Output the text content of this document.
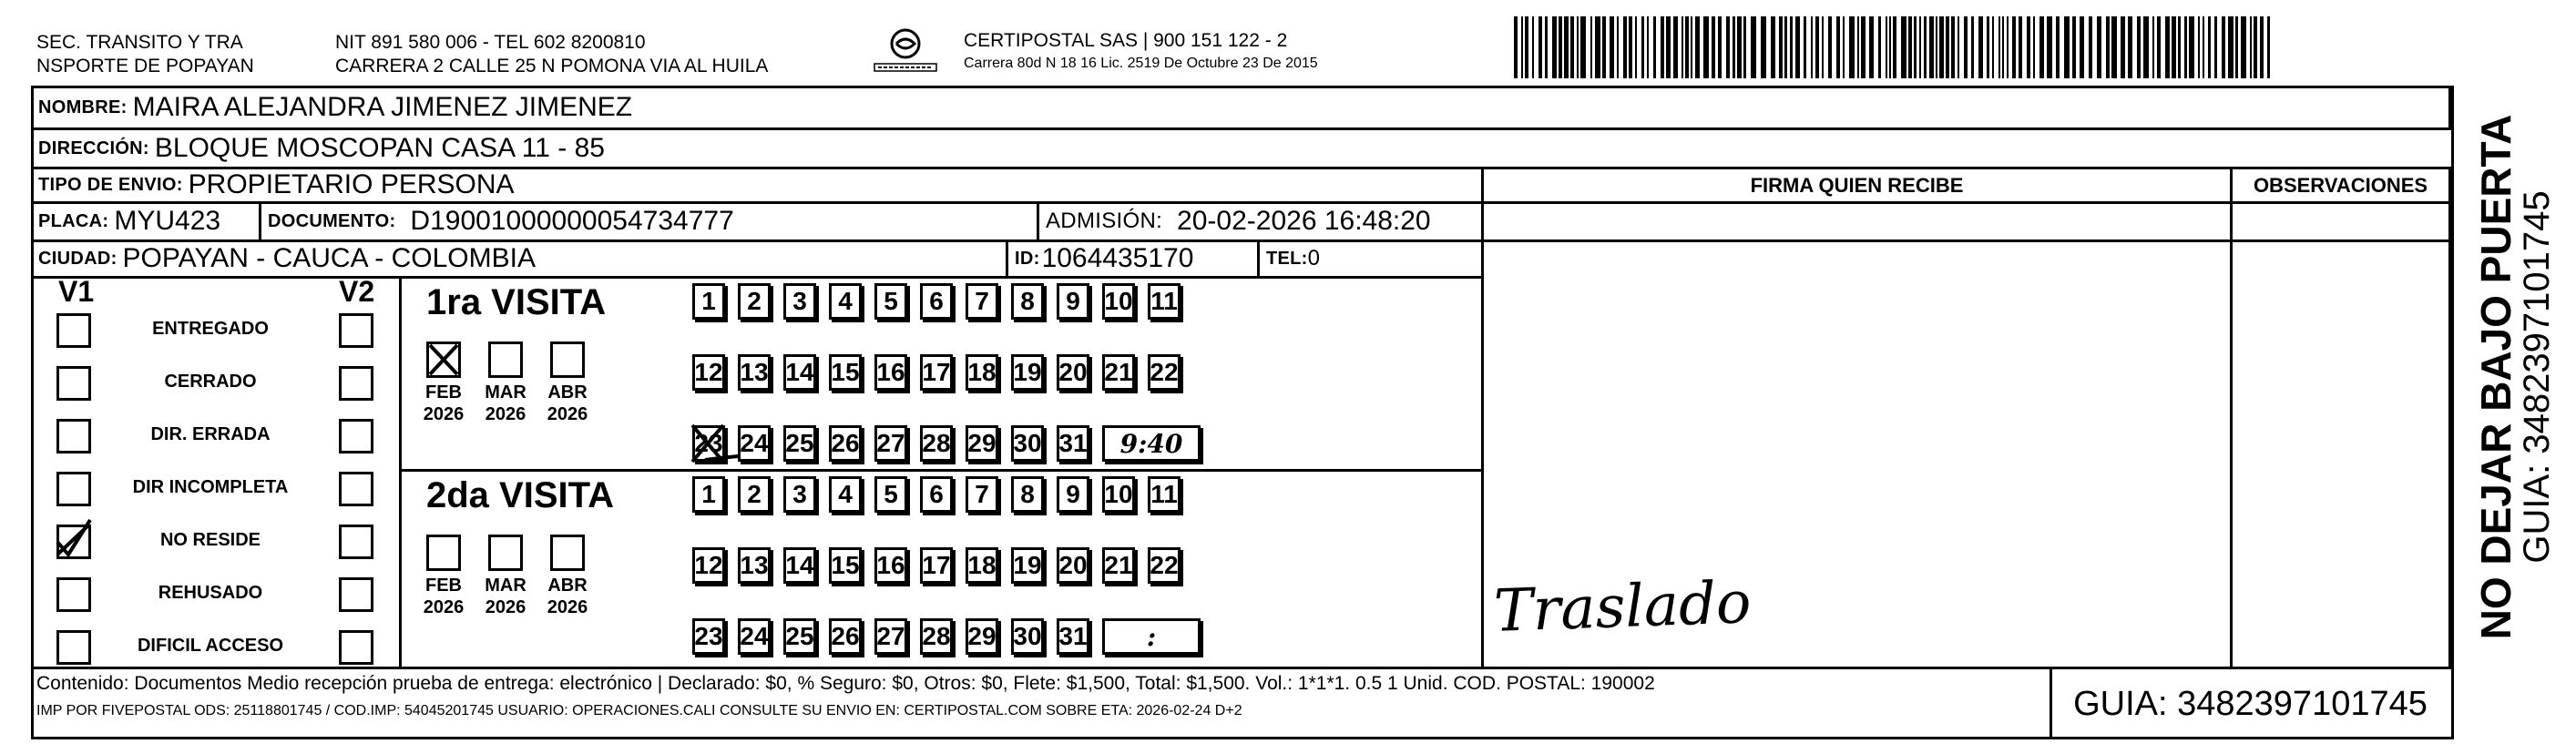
SEC. TRANSITO Y TRA
NSPORTE DE POPAYAN
NIT 891 580 006 - TEL 602 8200810
CARRERA 2 CALLE 25 N POMONA VIA AL HUILA
CERTIPOSTAL SAS | 900 151 122 - 2
Carrera 80d N 18 16 Lic. 2519 De Octubre 23 De 2015
NOMBRE: MAIRA ALEJANDRA JIMENEZ JIMENEZ
DIRECCIÓN: BLOQUE MOSCOPAN CASA 11 - 85
TIPO DE ENVIO: PROPIETARIO PERSONA
PLACA: MYU423	DOCUMENTO: D19001000000054734777	ADMISIÓN: 20-02-2026 16:48:20
CIUDAD: POPAYAN - CAUCA - COLOMBIA	ID: 1064435170	TEL: 0
V1	V2
ENTREGADO
CERRADO
DIR. ERRADA
DIR INCOMPLETA
NO RESIDE
REHUSADO
DIFICIL ACCESO
1ra VISITA
FEB
2026
MAR
2026
ABR
2026
1	2	3	4	5	6	7	8	9 10 11
12 13 14 15 16 17 18 19 20 21 22
23 24 25 26 27 28 29 30 31	9:40
2da VISITA
FEB
2026
MAR
2026
ABR
2026
1	2	3	4	5	6	7	8	9 10 11
12 13 14 15 16 17 18 19 20 21 22
23 24 25 26 27 28 29 30 31	:
FIRMA QUIEN RECIBE	OBSERVACIONES
Traslado	NO DEJAR BAJO PUERTA
GUIA: 3482397101745
Contenido: Documentos Medio recepción prueba de entrega: electrónico | Declarado: $0, % Seguro: $0, Otros: $0, Flete: $1,500, Total: $1,500. Vol.: 1*1*1. 0.5 1 Unid. COD. POSTAL: 190002
IMP POR FIVEPOSTAL ODS: 25118801745 / COD.IMP: 54045201745 USUARIO: OPERACIONES.CALI CONSULTE SU ENVIO EN: CERTIPOSTAL.COM SOBRE ETA: 2026-02-24 D+2	GUIA: 3482397101745
